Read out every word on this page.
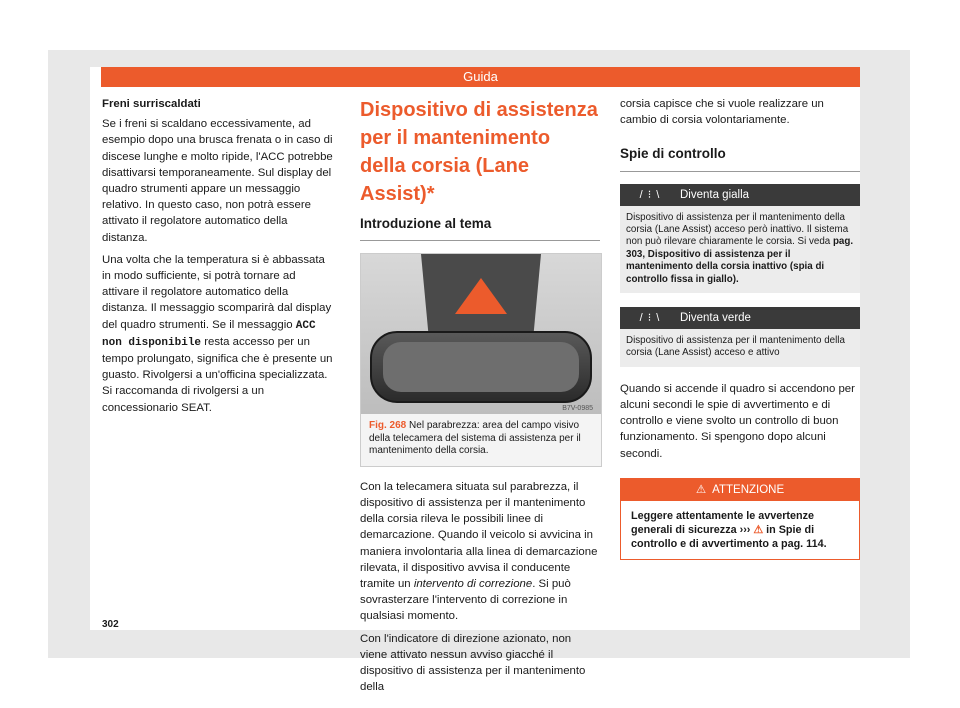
Guida
Freni surriscaldati

Se i freni si scaldano eccessivamente, ad esempio dopo una brusca frenata o in caso di discese lunghe e molto ripide, l'ACC potrebbe disattivarsi temporaneamente. Sul display del quadro strumenti appare un messaggio relativo. In questo caso, non potrà essere attivato il regolatore automatico della distanza.

Una volta che la temperatura si è abbassata in modo sufficiente, si potrà tornare ad attivare il regolatore automatico della distanza. Il messaggio scomparirà dal display del quadro strumenti. Se il messaggio ACC non disponibile resta accesso per un tempo prolungato, significa che è presente un guasto. Rivolgersi a un'officina specializzata. Si raccomanda di rivolgersi a un concessionario SEAT.

Dispositivo di assistenza per il mantenimento della corsia (Lane Assist)*
Introduzione al tema
B7V-0985
Fig. 268 Nel parabrezza: area del campo visivo della telecamera del sistema di assistenza per il mantenimento della corsia.

Con la telecamera situata sul parabrezza, il dispositivo di assistenza per il mantenimento della corsia rileva le possibili linee di demarcazione. Quando il veicolo si avvicina in maniera involontaria alla linea di demarcazione rilevata, il dispositivo avvisa il conducente tramite un intervento di correzione. Si può sovrasterzare l'intervento di correzione in qualsiasi momento.

Con l'indicatore di direzione azionato, non viene attivato nessun avviso giacché il dispositivo di assistenza per il mantenimento della

corsia capisce che si vuole realizzare un cambio di corsia volontariamente.

Spie di controllo
/ ⁝ \	Diventa gialla
Dispositivo di assistenza per il mantenimento della corsia (Lane Assist) acceso però inattivo. Il sistema non può rilevare chiaramente le corsia. Si veda pag. 303, Dispositivo di assistenza per il mantenimento della corsia inattivo (spia di controllo fissa in giallo).
/ ⁝ \	Diventa verde
Dispositivo di assistenza per il mantenimento della corsia (Lane Assist) acceso e attivo

Quando si accende il quadro si accendono per alcuni secondi le spie di avvertimento e di controllo e viene svolto un controllo di buon funzionamento. Si spengono dopo alcuni secondi.

⚠ ATTENZIONE
Leggere attentamente le avvertenze generali di sicurezza ››› ⚠ in Spie di controllo e di avvertimento a pag. 114.
302
